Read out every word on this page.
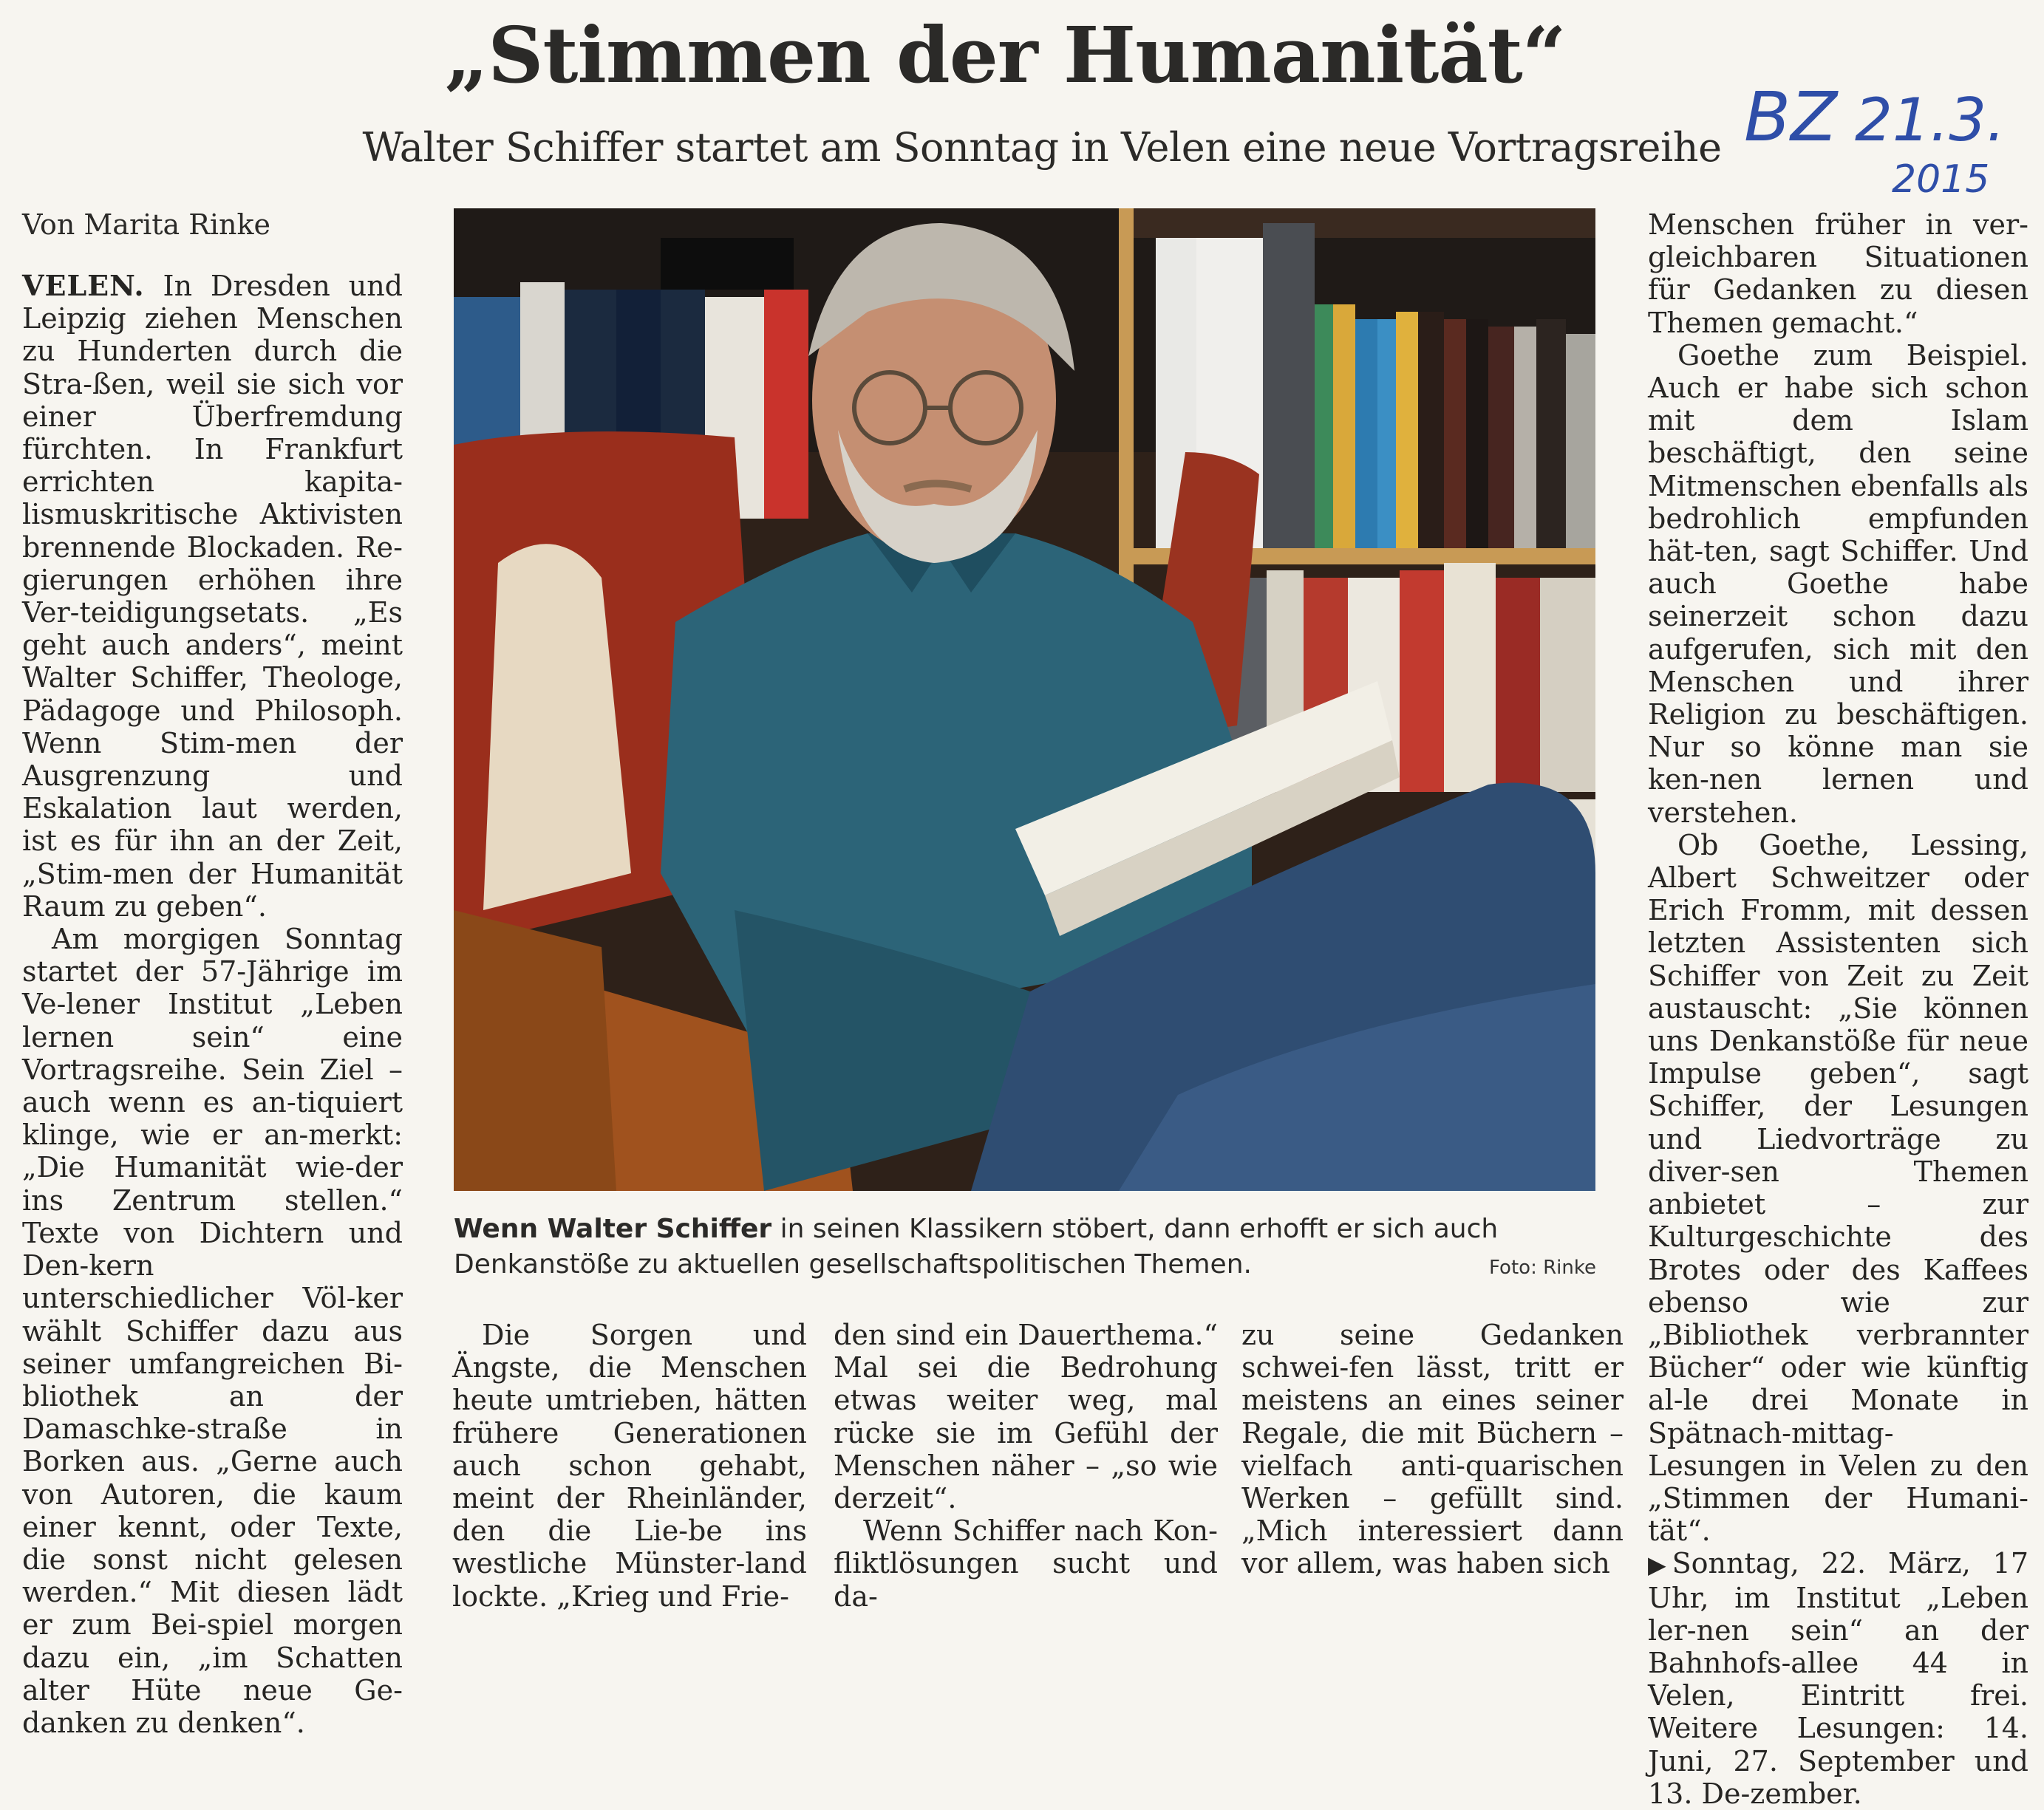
„Stimmen der Humanität“
Walter Schiffer startet am Sonntag in Velen eine neue Vortragsreihe BZ 21.3.
2015
Von Marita Rinke

VELEN. In Dresden und Leipzig ziehen Menschen zu Hunderten durch die Stra-ßen, weil sie sich vor einer Überfremdung fürchten. In Frankfurt errichten kapita-lismuskritische Aktivisten brennende Blockaden. Re-gierungen erhöhen ihre Ver-teidigungsetats. „Es geht auch anders“, meint Walter Schiffer, Theologe, Pädagoge und Philosoph. Wenn Stim-men der Ausgrenzung und Eskalation laut werden, ist es für ihn an der Zeit, „Stim-men der Humanität Raum zu geben“.

Am morgigen Sonntag startet der 57-Jährige im Ve-lener Institut „Leben lernen sein“ eine Vortragsreihe. Sein Ziel – auch wenn es an-tiquiert klinge, wie er an-merkt: „Die Humanität wie-der ins Zentrum stellen.“ Texte von Dichtern und Den-kern unterschiedlicher Völ-ker wählt Schiffer dazu aus seiner umfangreichen Bi-bliothek an der Damaschke-straße in Borken aus. „Gerne auch von Autoren, die kaum einer kennt, oder Texte, die sonst nicht gelesen werden.“ Mit diesen lädt er zum Bei-spiel morgen dazu ein, „im Schatten alter Hüte neue Ge-danken zu denken“.

Wenn Walter Schiffer in seinen Klassikern stöbert, dann erhofft er sich auch Denkanstöße zu aktuellen gesellschaftspolitischen Themen.	Foto: Rinke

Die Sorgen und Ängste, die Menschen heute umtrieben, hätten frühere Generationen auch schon gehabt, meint der Rheinländer, den die Lie-be ins westliche Münster-land lockte. „Krieg und Frie-

den sind ein Dauerthema.“ Mal sei die Bedrohung etwas weiter weg, mal rücke sie im Gefühl der Menschen näher – „so wie derzeit“.

Wenn Schiffer nach Kon-fliktlösungen sucht und da-

zu seine Gedanken schwei-fen lässt, tritt er meistens an eines seiner Regale, die mit Büchern – vielfach anti-quarischen Werken – gefüllt sind. „Mich interessiert dann vor allem, was haben sich

Menschen früher in ver-gleichbaren Situationen für Gedanken zu diesen Themen gemacht.“

Goethe zum Beispiel. Auch er habe sich schon mit dem Islam beschäftigt, den seine Mitmenschen ebenfalls als bedrohlich empfunden hät-ten, sagt Schiffer. Und auch Goethe habe seinerzeit schon dazu aufgerufen, sich mit den Menschen und ihrer Religion zu beschäftigen. Nur so könne man sie ken-nen lernen und verstehen.

Ob Goethe, Lessing, Albert Schweitzer oder Erich Fromm, mit dessen letzten Assistenten sich Schiffer von Zeit zu Zeit austauscht: „Sie können uns Denkanstöße für neue Impulse geben“, sagt Schiffer, der Lesungen und Liedvorträge zu diver-sen Themen anbietet – zur Kulturgeschichte des Brotes oder des Kaffees ebenso wie zur „Bibliothek verbrannter Bücher“ oder wie künftig al-le drei Monate in Spätnach-mittag-Lesungen in Velen zu den „Stimmen der Humani-tät“.

▶ Sonntag, 22. März, 17 Uhr, im Institut „Leben ler-nen sein“ an der Bahnhofs-allee 44 in Velen, Eintritt frei. Weitere Lesungen: 14. Juni, 27. September und 13. De-zember.
